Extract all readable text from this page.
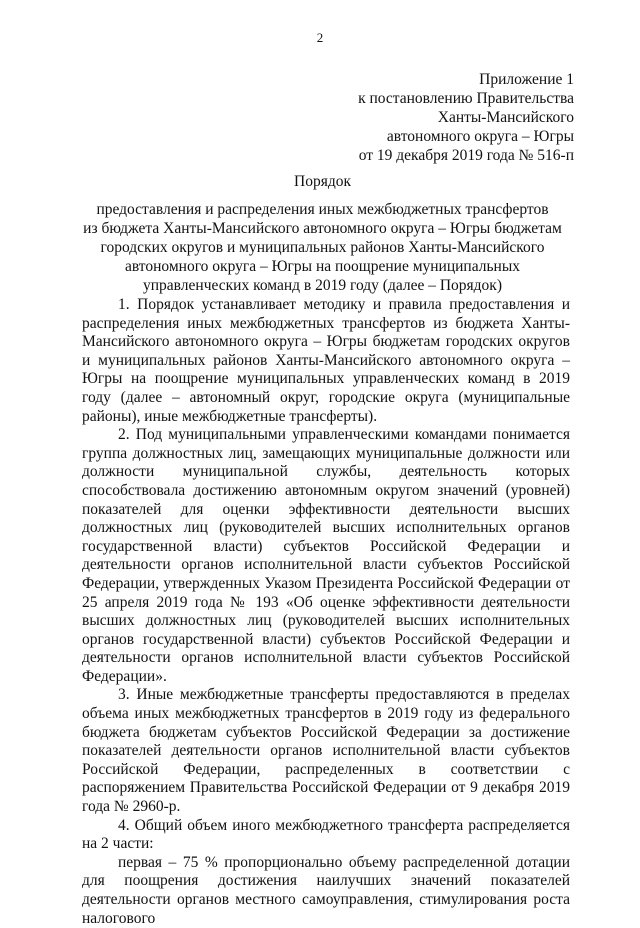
2
Приложение 1
к постановлению Правительства
Ханты-Мансийского
автономного округа – Югры
от 19 декабря 2019 года № 516-п
Порядок
предоставления и распределения иных межбюджетных трансфертов
из бюджета Ханты-Мансийского автономного округа – Югры бюджетам
городских округов и муниципальных районов Ханты-Мансийского
автономного округа – Югры на поощрение муниципальных
управленческих команд в 2019 году (далее – Порядок)

1. Порядок устанавливает методику и правила предоставления и распределения иных межбюджетных трансфертов из бюджета Ханты-Мансийского автономного округа – Югры бюджетам городских округов и муниципальных районов Ханты-Мансийского автономного округа – Югры на поощрение муниципальных управленческих команд в 2019 году (далее – автономный округ, городские округа (муниципальные районы), иные межбюджетные трансферты).

2. Под муниципальными управленческими командами понимается группа должностных лиц, замещающих муниципальные должности или должности муниципальной службы, деятельность которых способствовала достижению автономным округом значений (уровней) показателей для оценки эффективности деятельности высших должностных лиц (руководителей высших исполнительных органов государственной власти) субъектов Российской Федерации и деятельности органов исполнительной власти субъектов Российской Федерации, утвержденных Указом Президента Российской Федерации от 25 апреля 2019 года № 193 «Об оценке эффективности деятельности высших должностных лиц (руководителей высших исполнительных органов государственной власти) субъектов Российской Федерации и деятельности органов исполнительной власти субъектов Российской Федерации».

3. Иные межбюджетные трансферты предоставляются в пределах объема иных межбюджетных трансфертов в 2019 году из федерального бюджета бюджетам субъектов Российской Федерации за достижение показателей деятельности органов исполнительной власти субъектов Российской Федерации, распределенных в соответствии с распоряжением Правительства Российской Федерации от 9 декабря 2019 года № 2960-р.

4. Общий объем иного межбюджетного трансферта распределяется на 2 части:

первая – 75 % пропорционально объему распределенной дотации для поощрения достижения наилучших значений показателей деятельности органов местного самоуправления, стимулирования роста налогового
